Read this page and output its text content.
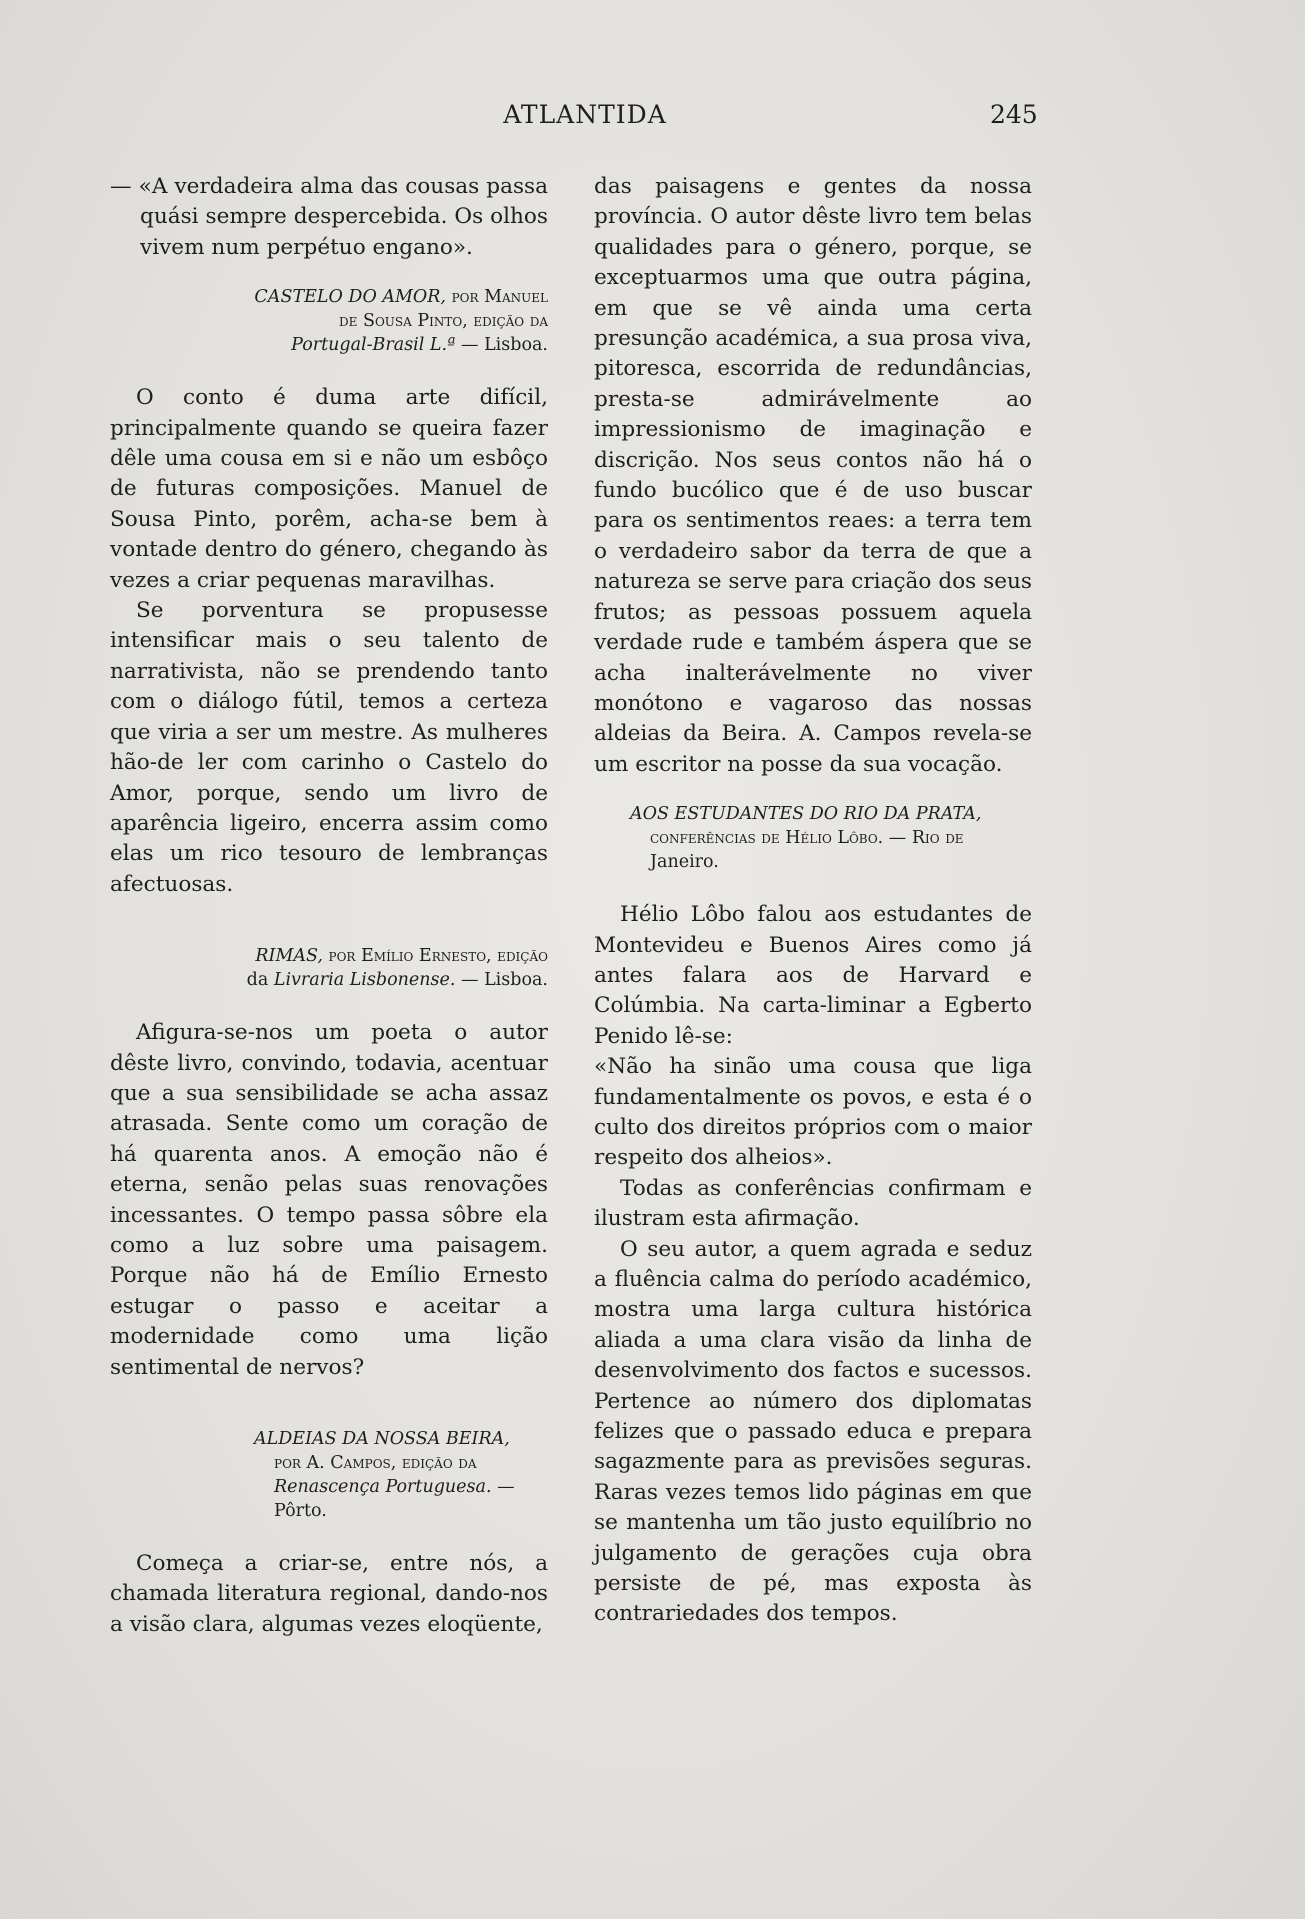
ATLANTIDA	245

— «A verdadeira alma das cousas passa quási sempre despercebida. Os olhos vivem num perpétuo engano».

CASTELO DO AMOR, por Manuel
de Sousa Pinto, edição da
Portugal-Brasil L.ª — Lisboa.

O conto é duma arte difícil, principalmente quando se queira fazer dêle uma cousa em si e não um esbôço de futuras composições. Manuel de Sousa Pinto, porêm, acha-se bem à vontade dentro do género, chegando às vezes a criar pequenas maravilhas.

Se porventura se propusesse intensificar mais o seu talento de narrativista, não se prendendo tanto com o diálogo fútil, temos a certeza que viria a ser um mestre. As mulheres hão-de ler com carinho o Castelo do Amor, porque, sendo um livro de aparência ligeiro, encerra assim como elas um rico tesouro de lembranças afectuosas.

RIMAS, por Emílio Ernesto, edição
da Livraria Lisbonense. — Lisboa.

Afigura-se-nos um poeta o autor dêste livro, convindo, todavia, acentuar que a sua sensibilidade se acha assaz atrasada. Sente como um coração de há quarenta anos. A emoção não é eterna, senão pelas suas renovações incessantes. O tempo passa sôbre ela como a luz sobre uma paisagem. Porque não há de Emílio Ernesto estugar o passo e aceitar a modernidade como uma lição sentimental de nervos?

ALDEIAS DA NOSSA BEIRA,
por A. Campos, edição da
Renascença Portuguesa. —
Pôrto.

Começa a criar-se, entre nós, a chamada literatura regional, dando-nos a visão clara, algumas vezes eloqüente,

das paisagens e gentes da nossa província. O autor dêste livro tem belas qualidades para o género, porque, se exceptuarmos uma que outra página, em que se vê ainda uma certa presunção académica, a sua prosa viva, pitoresca, escorrida de redundâncias, presta-se admirávelmente ao impressionismo de imaginação e discrição. Nos seus contos não há o fundo bucólico que é de uso buscar para os sentimentos reaes: a terra tem o verdadeiro sabor da terra de que a natureza se serve para criação dos seus frutos; as pessoas possuem aquela verdade rude e também áspera que se acha inalterávelmente no viver monótono e vagaroso das nossas aldeias da Beira. A. Campos revela-se um escritor na posse da sua vocação.

AOS ESTUDANTES DO RIO DA PRATA,
conferências de Hélio Lôbo. — Rio de
Janeiro.

Hélio Lôbo falou aos estudantes de Montevideu e Buenos Aires como já antes falara aos de Harvard e Colúmbia. Na carta-liminar a Egberto Penido lê-se:

«Não ha sinão uma cousa que liga fundamentalmente os povos, e esta é o culto dos direitos próprios com o maior respeito dos alheios».

Todas as conferências confirmam e ilustram esta afirmação.

O seu autor, a quem agrada e seduz a fluência calma do período académico, mostra uma larga cultura histórica aliada a uma clara visão da linha de desenvolvimento dos factos e sucessos. Pertence ao número dos diplomatas felizes que o passado educa e prepara sagazmente para as previsões seguras. Raras vezes temos lido páginas em que se mantenha um tão justo equilíbrio no julgamento de gerações cuja obra persiste de pé, mas exposta às contrariedades dos tempos.
